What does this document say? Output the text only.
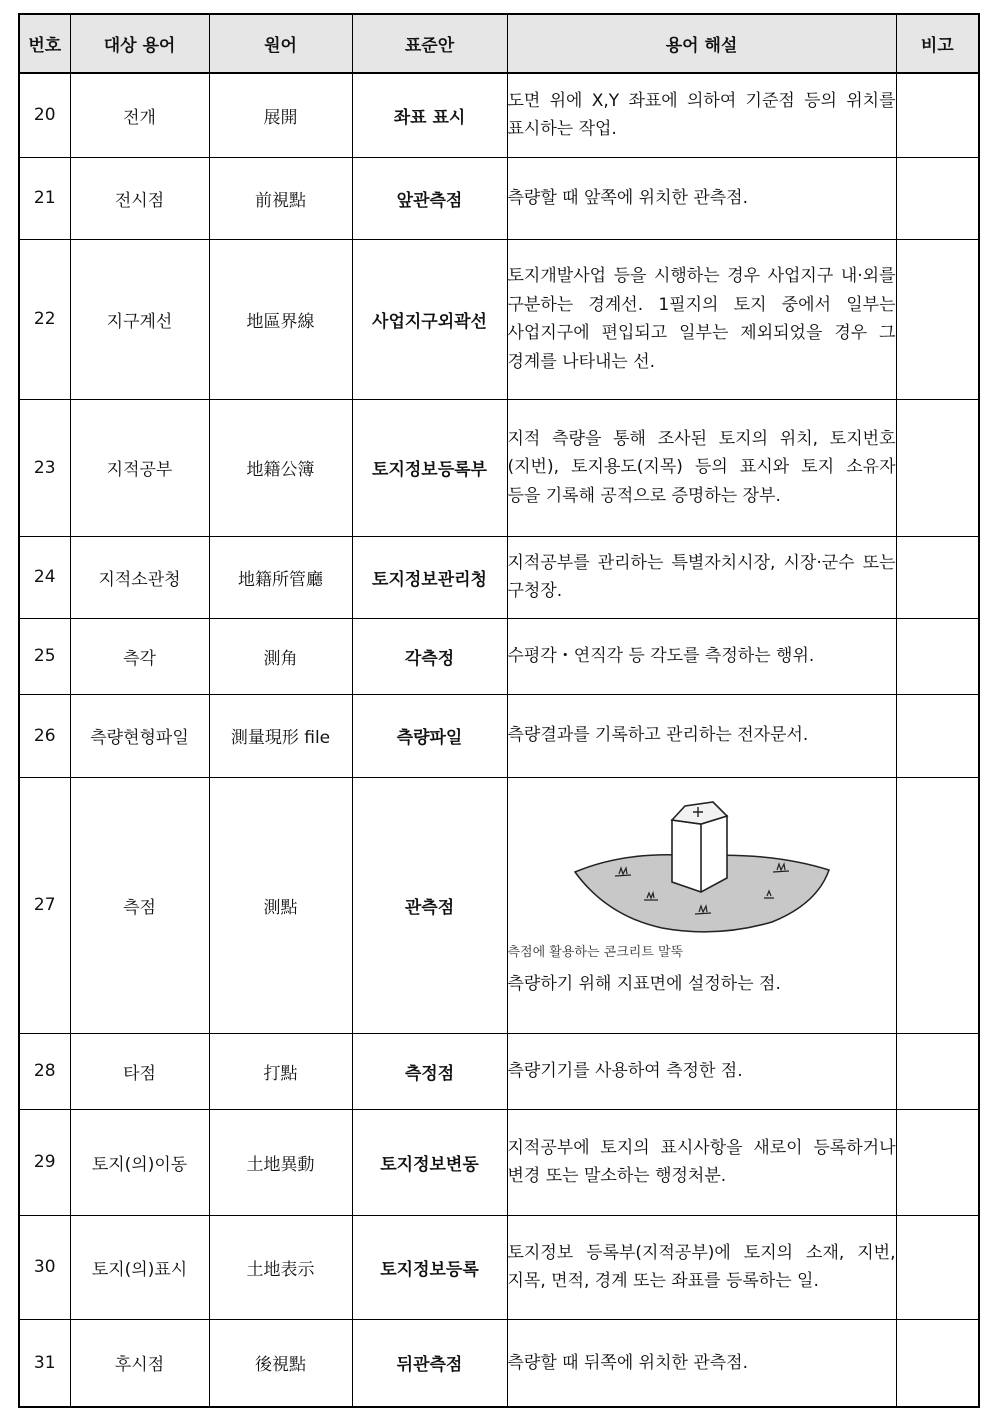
번호	대상 용어	원어	표준안	용어 해설	비고
20	전개	展開	좌표 표시	도면 위에 X,Y 좌표에 의하여 기준점 등의 위치를 표시하는 작업.	
21	전시점	前視點	앞관측점	측량할 때 앞쪽에 위치한 관측점.	
22	지구계선	地區界線	사업지구외곽선	토지개발사업 등을 시행하는 경우 사업지구 내·외를 구분하는 경계선. 1필지의 토지 중에서 일부는 사업지구에 편입되고 일부는 제외되었을 경우 그 경계를 나타내는 선.	
23	지적공부	地籍公簿	토지정보등록부	지적 측량을 통해 조사된 토지의 위치, 토지번호(지번), 토지용도(지목) 등의 표시와 토지 소유자 등을 기록해 공적으로 증명하는 장부.	
24	지적소관청	地籍所管廳	토지정보관리청	지적공부를 관리하는 특별자치시장, 시장·군수 또는 구청장.	
25	측각	測角	각측정	수평각・연직각 등 각도를 측정하는 행위.	
26	측량현형파일	測量現形 file	측량파일	측량결과를 기록하고 관리하는 전자문서.	
27	측점	測點	관측점	측점에 활용하는 콘크리트 말뚝
측량하기 위해 지표면에 설정하는 점.	

28	타점	打點	측정점	측량기기를 사용하여 측정한 점.	
29	토지(의)이동	土地異動	토지정보변동	지적공부에 토지의 표시사항을 새로이 등록하거나 변경 또는 말소하는 행정처분.	
30	토지(의)표시	土地表示	토지정보등록	토지정보 등록부(지적공부)에 토지의 소재, 지번, 지목, 면적, 경계 또는 좌표를 등록하는 일.	
31	후시점	後視點	뒤관측점	측량할 때 뒤쪽에 위치한 관측점.	
